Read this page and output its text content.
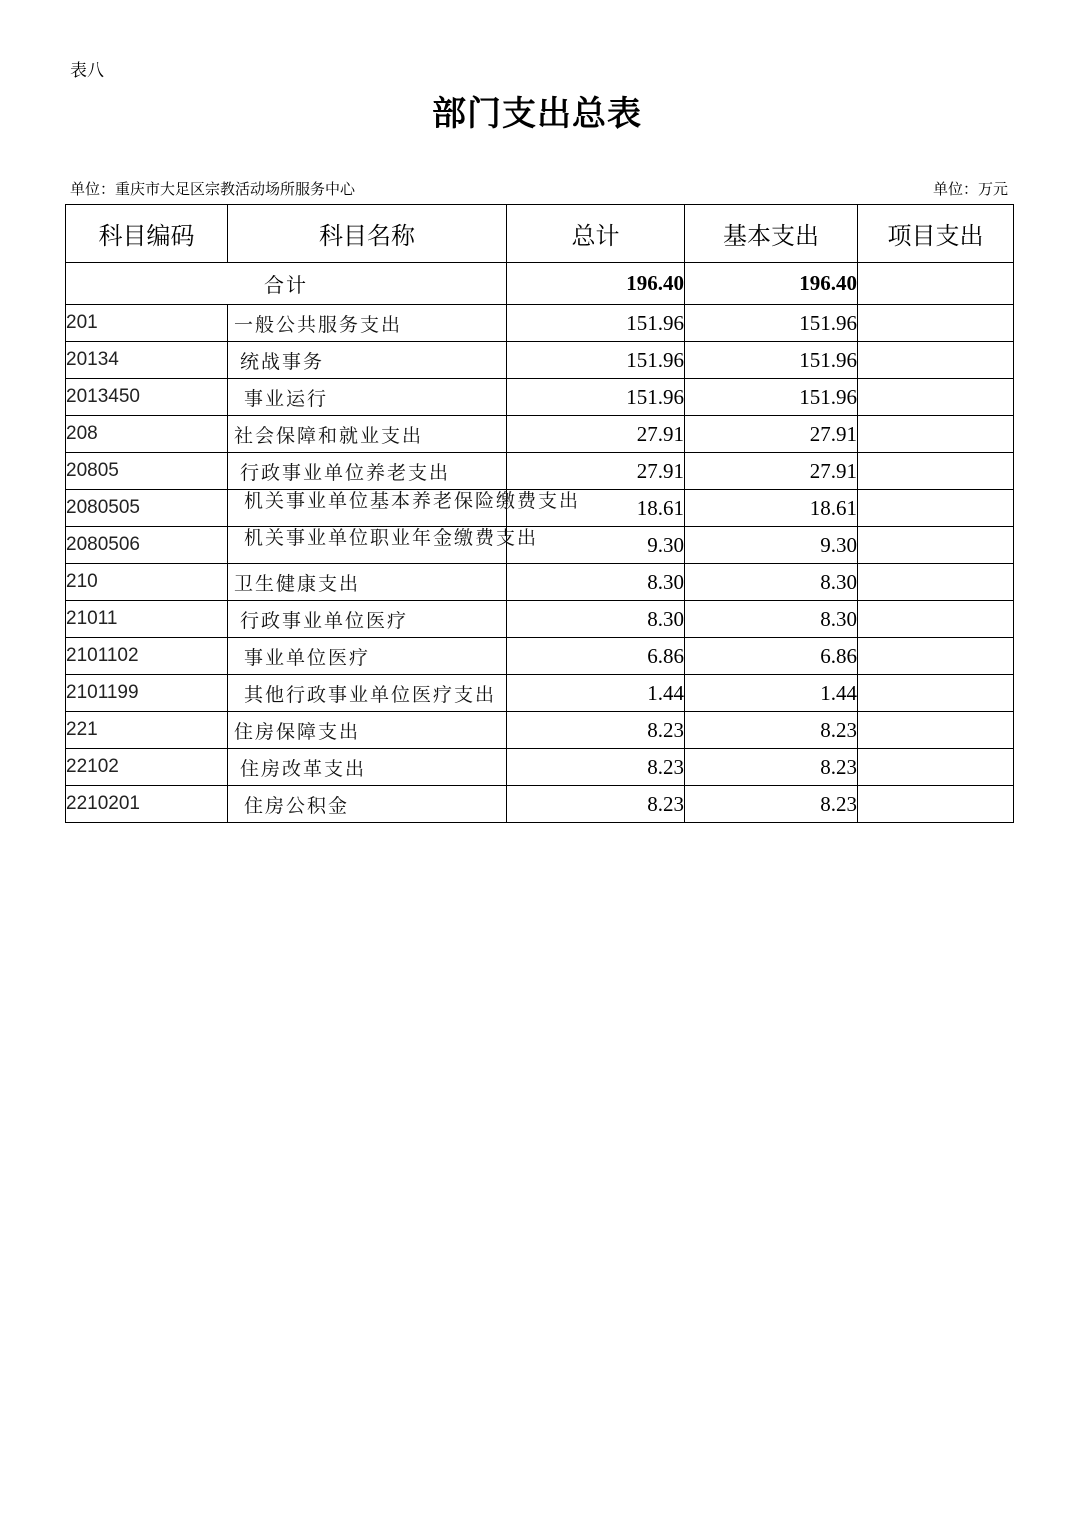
表八
部门支出总表
单位：重庆市大足区宗教活动场所服务中心	单位：万元
科目编码	科目名称	总计	基本支出	项目支出
合计		196.40	196.40	
201	一般公共服务支出	151.96	151.96	
20134	统战事务	151.96	151.96	
2013450	事业运行	151.96	151.96	
208	社会保障和就业支出	27.91	27.91	
20805	行政事业单位养老支出	27.91	27.91	
2080505	机关事业单位基本养老保险缴费支出	18.61	18.61	
2080506	机关事业单位职业年金缴费支出	9.30	9.30	
210	卫生健康支出	8.30	8.30	
21011	行政事业单位医疗	8.30	8.30	
2101102	事业单位医疗	6.86	6.86	
2101199	其他行政事业单位医疗支出	1.44	1.44	
221	住房保障支出	8.23	8.23	
22102	住房改革支出	8.23	8.23	
2210201	住房公积金	8.23	8.23	
